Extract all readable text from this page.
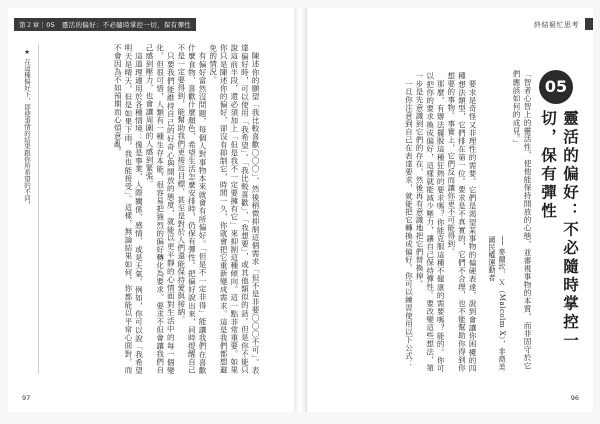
第２章｜05　靈活的偏好：不必隨時掌控一切，保有彈性

陳述你的願望「我比較喜歡〇〇〇」，然後稍微抑制這個需求「但不是非要〇〇〇不可」。表達偏好時，可以使用「我希望」、「我比較喜歡」、「我想要」，或其他類似的話。但是你不能只說這前半段，還必須加上「但是我不一定要擁有它」來抑制這種傾向。這一點非常重要。如果你只是陳述你的偏好，卻沒有抑制它，時間一久，你就會把它重新變成需求。這是我們都想避免的情況。

有偏好當然沒問題，每個人對事物本來就會有所偏好。「但是不一定非得」能讓我們在喜歡什麼食物、喜歡什麼顏色、希望生活怎麼安排時，仍保有彈性。把偏好說出來，同時提醒自己不是一定要得到，能幫助我們更接近目標，甚至是對於人們還能保持愛與接納。

只要我們能維持自己的好奇心與開放的態度，就能以更平靜的心情面對生活中的每一個變化。但很可惜，人類有一種生存本能，很容易把強烈的偏好轉化為要求。要求不但會讓我們自己感到壓力，也會讓周圍的人感到緊張。

這道理適用於各種情境：像是事業、人際關係、感情、或是天氣。例如，你可以說「我希望明天是晴天，但是如果下雨，我也能接受」。這樣，無論結果如何，你都能以平常心面對，而不會因為不如預期而心煩意亂。

★ 在這種偏好下，即使事情的結果跟你所希望的不同，
97
終結窮忙思考
05
靈活的偏好：不必隨時掌控一切，保有彈性
「智者心智上的靈活性，使他能保持開放的心態，並審視事物的本質，而非固守於它們應該如何的成見。」
── 麥爾坎．Ｘ（Malcolm X），非裔美國民權運動者

要求是奇怪又非理性的需要。它們是渴望某事物的偏硬表達，說到會讓你困擾的四種想法類型，它們排在第一位。要求是不真實的，它們不合理，也不能幫助你得到你想要的事物。事實上，它們反而讓你更不可能得到。

那麼，有辦法擺脫這種狂熱的要求嗎？你能克服這種不健康的需要嗎？能的。你可以把你的要求換成偏好，這樣就能減少壓力，讓自己保持彈性。要改變這些想法，第一步是先意識到它們的存在，然後再有意識地把它們替換掉。

一旦你注意到自己在表達要求，就能把它轉換成偏好。你可以練習使用以下公式：

96
